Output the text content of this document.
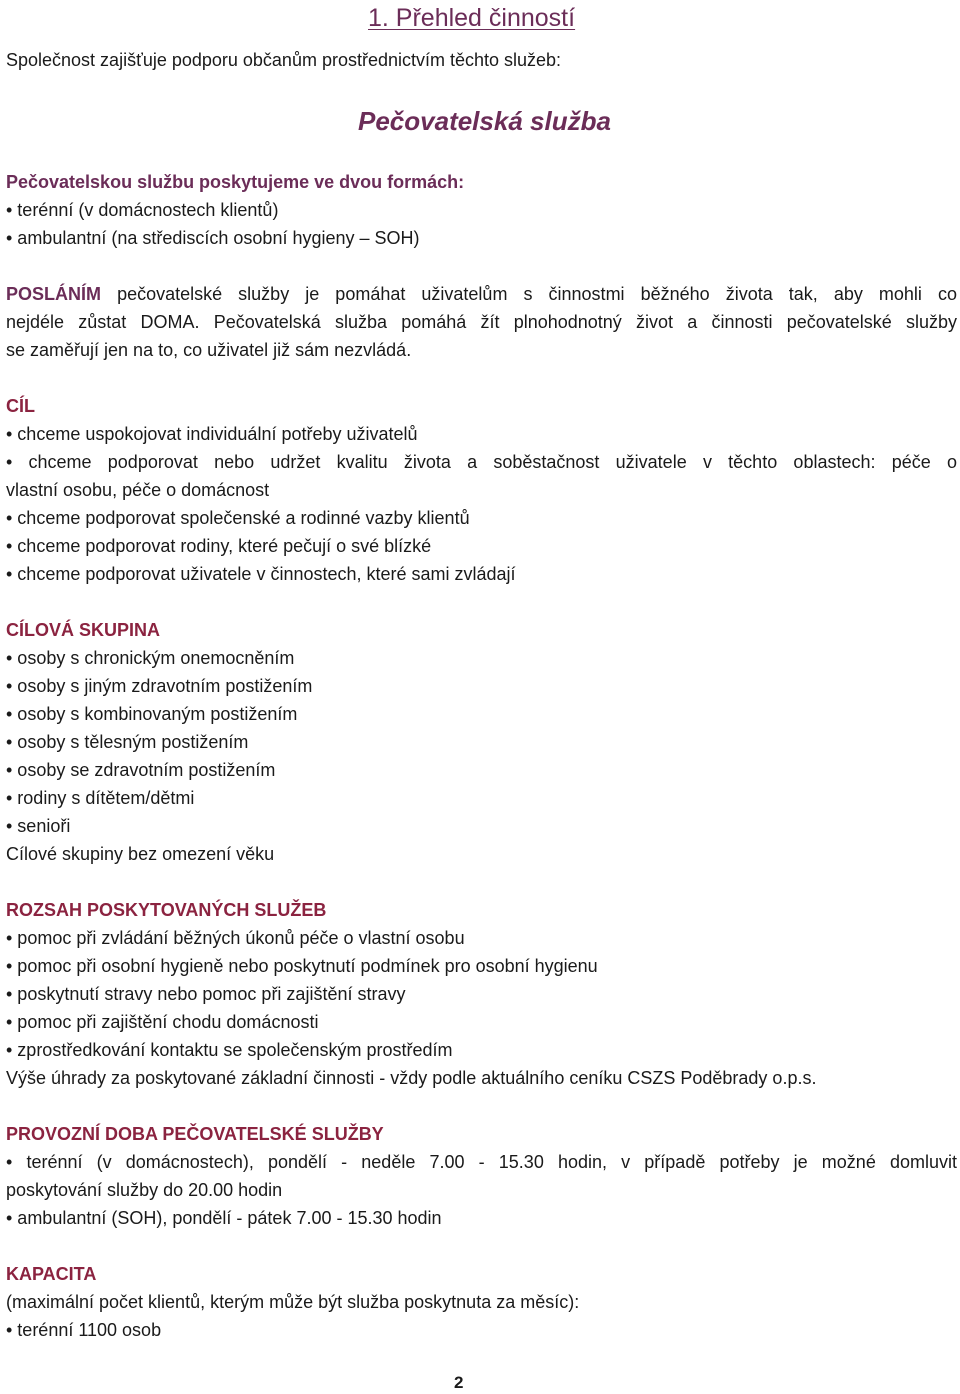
1. Přehled činností
Společnost zajišťuje podporu občanům prostřednictvím těchto služeb:
Pečovatelská služba
Pečovatelskou službu poskytujeme ve dvou formách:
• terénní (v domácnostech klientů)
• ambulantní (na střediscích osobní hygieny – SOH)
POSLÁNÍM pečovatelské služby je pomáhat uživatelům s činnostmi běžného života tak, aby mohli co
nejdéle zůstat DOMA. Pečovatelská služba pomáhá žít plnohodnotný život a činnosti pečovatelské služby
se zaměřují jen na to, co uživatel již sám nezvládá.
CÍL
• chceme uspokojovat individuální potřeby uživatelů
• chceme podporovat nebo udržet kvalitu života a soběstačnost uživatele v těchto oblastech: péče o
vlastní osobu, péče o domácnost
• chceme podporovat společenské a rodinné vazby klientů
• chceme podporovat rodiny, které pečují o své blízké
• chceme podporovat uživatele v činnostech, které sami zvládají
CÍLOVÁ SKUPINA
• osoby s chronickým onemocněním
• osoby s jiným zdravotním postižením
• osoby s kombinovaným postižením
• osoby s tělesným postižením
• osoby se zdravotním postižením
• rodiny s dítětem/dětmi
• senioři
Cílové skupiny bez omezení věku
ROZSAH POSKYTOVANÝCH SLUŽEB
• pomoc při zvládání běžných úkonů péče o vlastní osobu
• pomoc při osobní hygieně nebo poskytnutí podmínek pro osobní hygienu
• poskytnutí stravy nebo pomoc při zajištění stravy
• pomoc při zajištění chodu domácnosti
• zprostředkování kontaktu se společenským prostředím
Výše úhrady za poskytované základní činnosti - vždy podle aktuálního ceníku CSZS Poděbrady o.p.s.
PROVOZNÍ DOBA PEČOVATELSKÉ SLUŽBY
• terénní (v domácnostech), pondělí - neděle 7.00 - 15.30 hodin, v případě potřeby je možné domluvit
poskytování služby do 20.00 hodin
• ambulantní (SOH), pondělí - pátek 7.00 - 15.30 hodin
KAPACITA
(maximální počet klientů, kterým může být služba poskytnuta za měsíc):
• terénní 1100 osob
2
